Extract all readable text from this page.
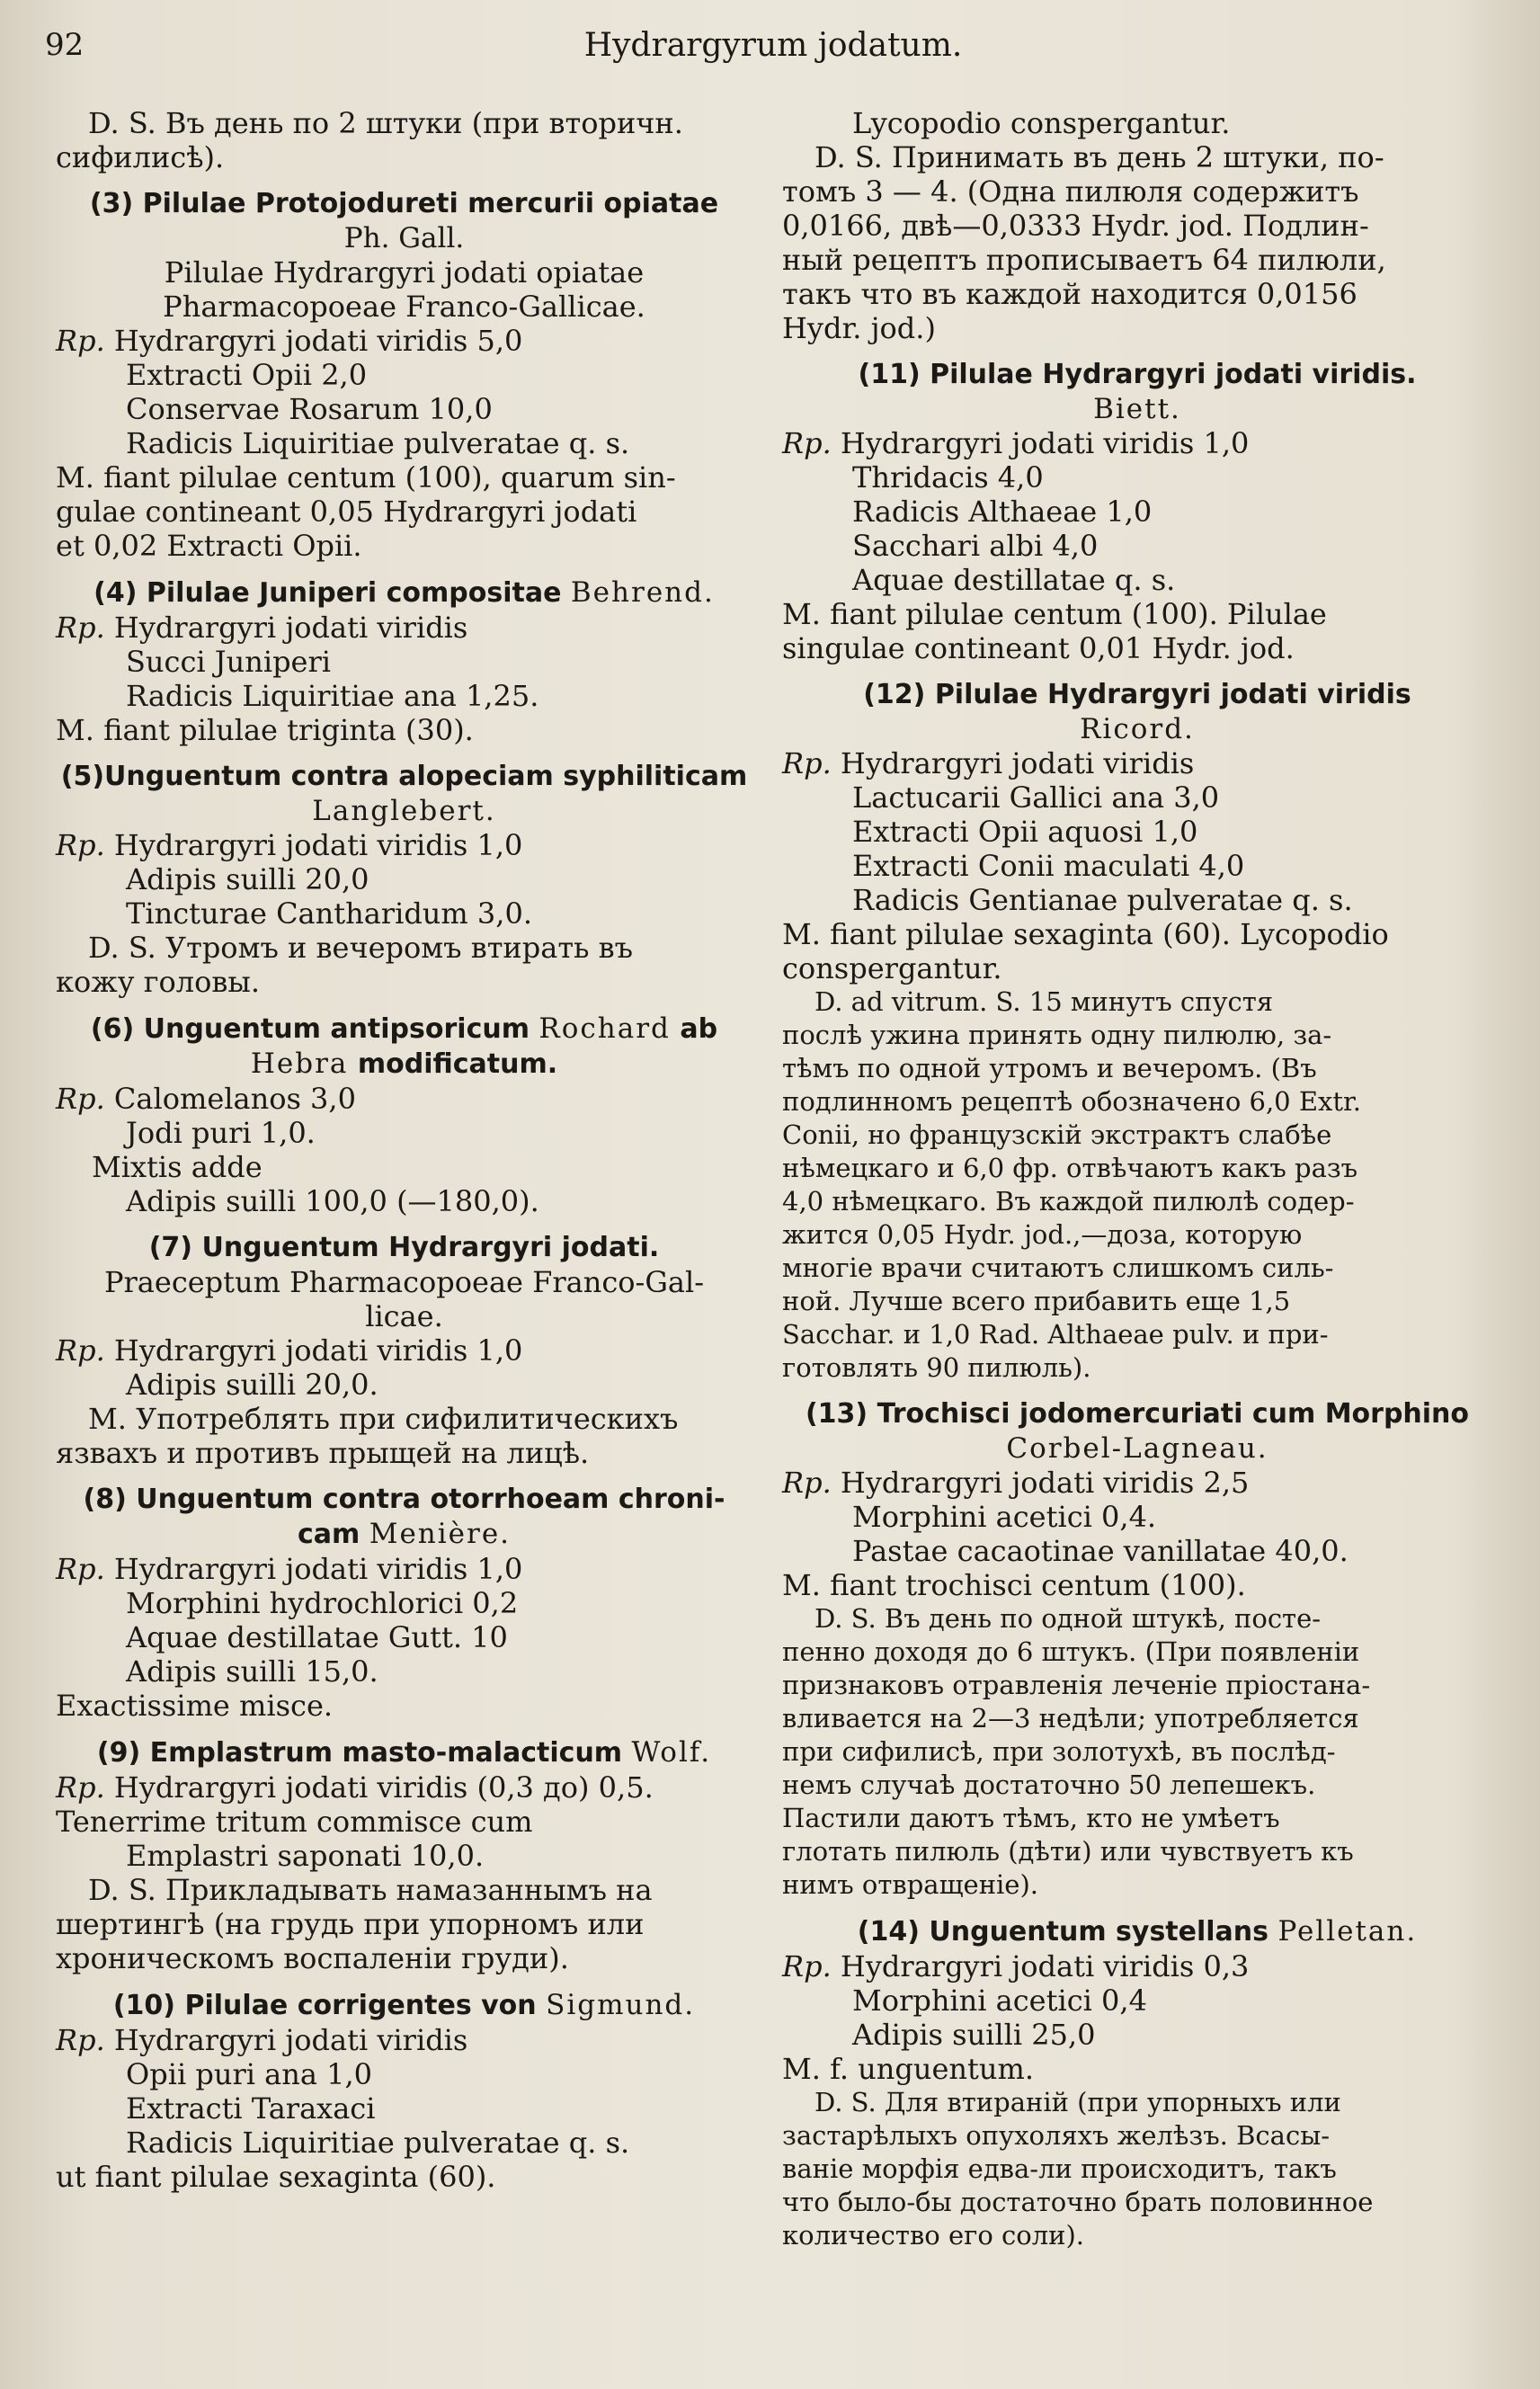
92	Hydrargyrum jodatum.
D. S. Въ день по 2 штуки (при вторичн.
сифилисѣ).
(3) Pilulae Protojodureti mercurii opiatae
Ph. Gall.
Pilulae Hydrargyri jodati opiatae
Pharmacopoeae Franco-Gallicae.
Rp. Hydrargyri jodati viridis 5,0
Extracti Opii 2,0
Conservae Rosarum 10,0
Radicis Liquiritiae pulveratae q. s.
M. fiant pilulae centum (100), quarum sin-
gulae contineant 0,05 Hydrargyri jodati
et 0,02 Extracti Opii.
(4) Pilulae Juniperi compositae Behrend.
Rp. Hydrargyri jodati viridis
Succi Juniperi
Radicis Liquiritiae ana 1,25.
M. fiant pilulae triginta (30).
(5)Unguentum contra alopeciam syphiliticam
Langlebert.
Rp. Hydrargyri jodati viridis 1,0
Adipis suilli 20,0
Tincturae Cantharidum 3,0.
D. S. Утромъ и вечеромъ втирать въ
кожу головы.
(6) Unguentum antipsoricum Rochard ab
Hebra modificatum.
Rp. Calomelanos 3,0
Jodi puri 1,0.
Mixtis adde
Adipis suilli 100,0 (—180,0).
(7) Unguentum Hydrargyri jodati.
Praeceptum Pharmacopoeae Franco-Gal-
licae.
Rp. Hydrargyri jodati viridis 1,0
Adipis suilli 20,0.
M. Употреблять при сифилитическихъ
язвахъ и противъ прыщей на лицѣ.
(8) Unguentum contra otorrhoeam chroni-
cam Menière.
Rp. Hydrargyri jodati viridis 1,0
Morphini hydrochlorici 0,2
Aquae destillatae Gutt. 10
Adipis suilli 15,0.
Exactissime misce.
(9) Emplastrum masto-malacticum Wolf.
Rp. Hydrargyri jodati viridis (0,3 до) 0,5.
Tenerrime tritum commisce cum
Emplastri saponati 10,0.
D. S. Прикладывать намазаннымъ на
шертингѣ (на грудь при упорномъ или
хроническомъ воспаленіи груди).
(10) Pilulae corrigentes von Sigmund.
Rp. Hydrargyri jodati viridis
Opii puri ana 1,0
Extracti Taraxaci
Radicis Liquiritiae pulveratae q. s.
ut fiant pilulae sexaginta (60).
Lycopodio conspergantur.
D. S. Принимать въ день 2 штуки, по-
томъ 3 — 4. (Одна пилюля содержитъ
0,0166, двѣ—0,0333 Hydr. jod. Подлин-
ный рецептъ прописываетъ 64 пилюли,
такъ что въ каждой находится 0,0156
Hydr. jod.)
(11) Pilulae Hydrargyri jodati viridis.
Biett.
Rp. Hydrargyri jodati viridis 1,0
Thridacis 4,0
Radicis Althaeae 1,0
Sacchari albi 4,0
Aquae destillatae q. s.
M. fiant pilulae centum (100). Pilulae
singulae contineant 0,01 Hydr. jod.
(12) Pilulae Hydrargyri jodati viridis
Ricord.
Rp. Hydrargyri jodati viridis
Lactucarii Gallici ana 3,0
Extracti Opii aquosi 1,0
Extracti Conii maculati 4,0
Radicis Gentianae pulveratae q. s.
M. fiant pilulae sexaginta (60). Lycopodio
conspergantur.
D. ad vitrum. S. 15 минутъ спустя
послѣ ужина принять одну пилюлю, за-
тѣмъ по одной утромъ и вечеромъ. (Въ
подлинномъ рецептѣ обозначено 6,0 Extr.
Conii, но французскій экстрактъ слабѣе
нѣмецкаго и 6,0 фр. отвѣчаютъ какъ разъ
4,0 нѣмецкаго. Въ каждой пилюлѣ содер-
жится 0,05 Hydr. jod.,—доза, которую
многіе врачи считаютъ слишкомъ силь-
ной. Лучше всего прибавить еще 1,5
Sacchar. и 1,0 Rad. Althaeae pulv. и при-
готовлять 90 пилюль).
(13) Trochisci jodomercuriati cum Morphino
Corbel-Lagneau.
Rp. Hydrargyri jodati viridis 2,5
Morphini acetici 0,4.
Pastae cacaotinae vanillatae 40,0.
M. fiant trochisci centum (100).
D. S. Въ день по одной штукѣ, посте-
пенно доходя до 6 штукъ. (При появленіи
признаковъ отравленія леченіе пріостана-
вливается на 2—3 недѣли; употребляется
при сифилисѣ, при золотухѣ, въ послѣд-
немъ случаѣ достаточно 50 лепешекъ.
Пастили даютъ тѣмъ, кто не умѣетъ
глотать пилюль (дѣти) или чувствуетъ къ
нимъ отвращеніе).
(14) Unguentum systellans Pelletan.
Rp. Hydrargyri jodati viridis 0,3
Morphini acetici 0,4
Adipis suilli 25,0
M. f. unguentum.
D. S. Для втираній (при упорныхъ или
застарѣлыхъ опухоляхъ желѣзъ. Всасы-
ваніе морфія едва-ли происходитъ, такъ
что было-бы достаточно брать половинное
количество его соли).
